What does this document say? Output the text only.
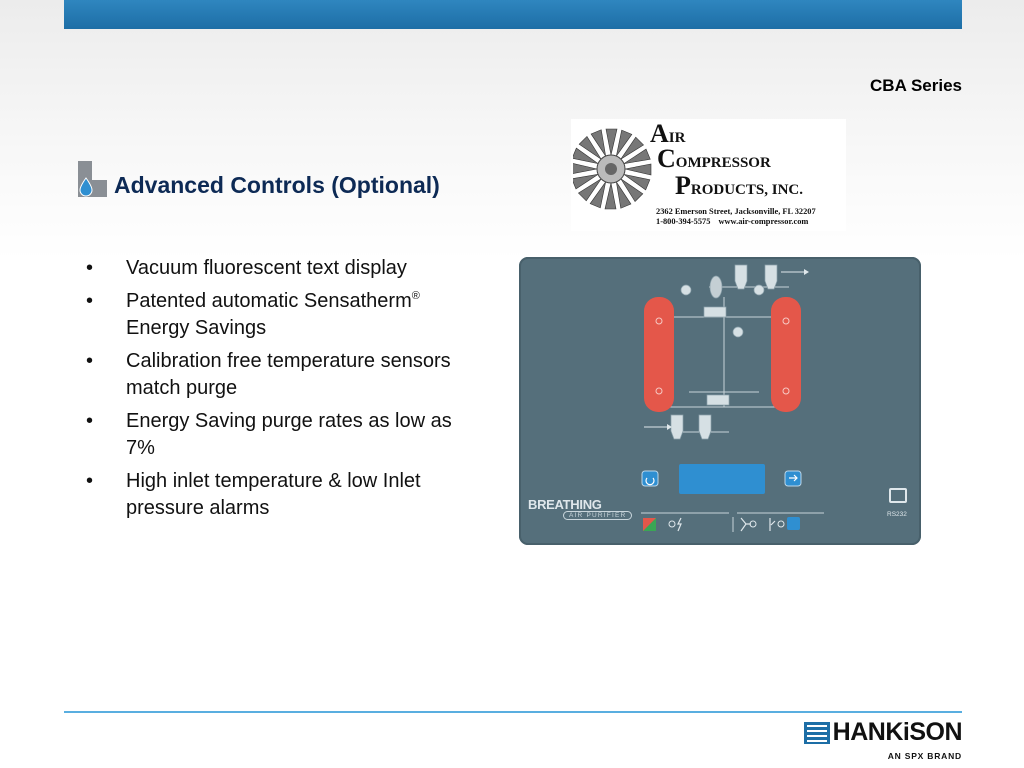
CBA Series
Advanced Controls (Optional)
AIR
COMPRESSOR
PRODUCTS, INC.
2362 Emerson Street, Jacksonville, FL 32207
1-800-394-5575 www.air-compressor.com
• Vacuum fluorescent text display
• Patented automatic Sensatherm®
Energy Savings
• Calibration free temperature sensors match purge
• Energy Saving purge rates as low as 7%
• High inlet temperature & low Inlet pressure alarms	BREATHING
AIR PURIFIER	RS232
HANKiSON
AN SPX BRAND
